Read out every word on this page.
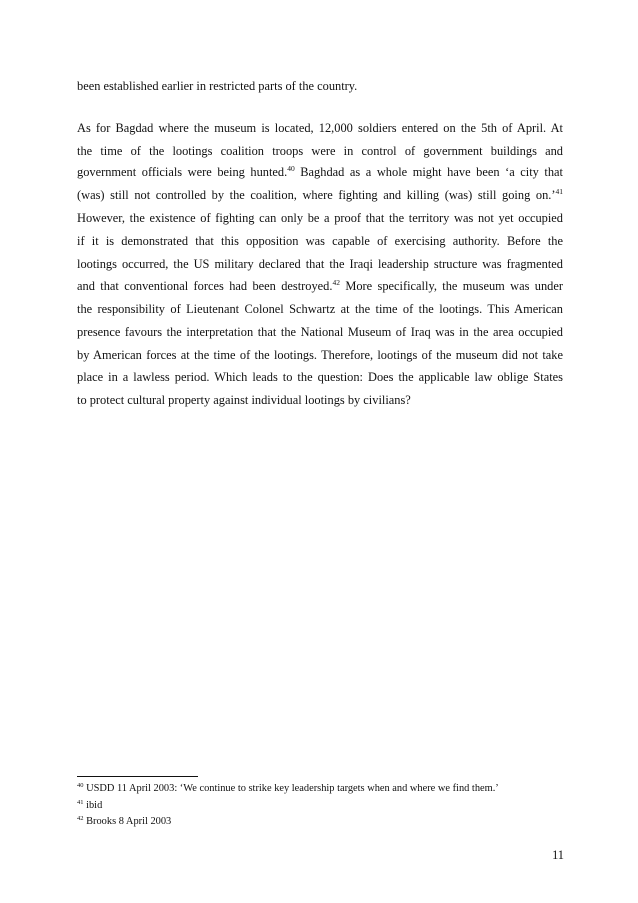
been established earlier in restricted parts of the country.
As for Bagdad where the museum is located, 12,000 soldiers entered on the 5th of April. At
the time of the lootings coalition troops were in control of government buildings and
government officials were being hunted.$^{40}$ Baghdad as a whole might have been ‘a city that
(was) still not controlled by the coalition, where fighting and killing (was) still going on.’$^{41}$
However, the existence of fighting can only be a proof that the territory was not yet occupied
if it is demonstrated that this opposition was capable of exercising authority. Before the
lootings occurred, the US military declared that the Iraqi leadership structure was fragmented
and that conventional forces had been destroyed.$^{42}$ More specifically, the museum was under
the responsibility of Lieutenant Colonel Schwartz at the time of the lootings. This American
presence favours the interpretation that the National Museum of Iraq was in the area occupied
by American forces at the time of the lootings. Therefore, lootings of the museum did not take
place in a lawless period. Which leads to the question: Does the applicable law oblige States
to protect cultural property against individual lootings by civilians?
$^{40}$ USDD 11 April 2003: ‘We continue to strike key leadership targets when and where we find them.’
$^{41}$ ibid
$^{42}$ Brooks 8 April 2003
11
